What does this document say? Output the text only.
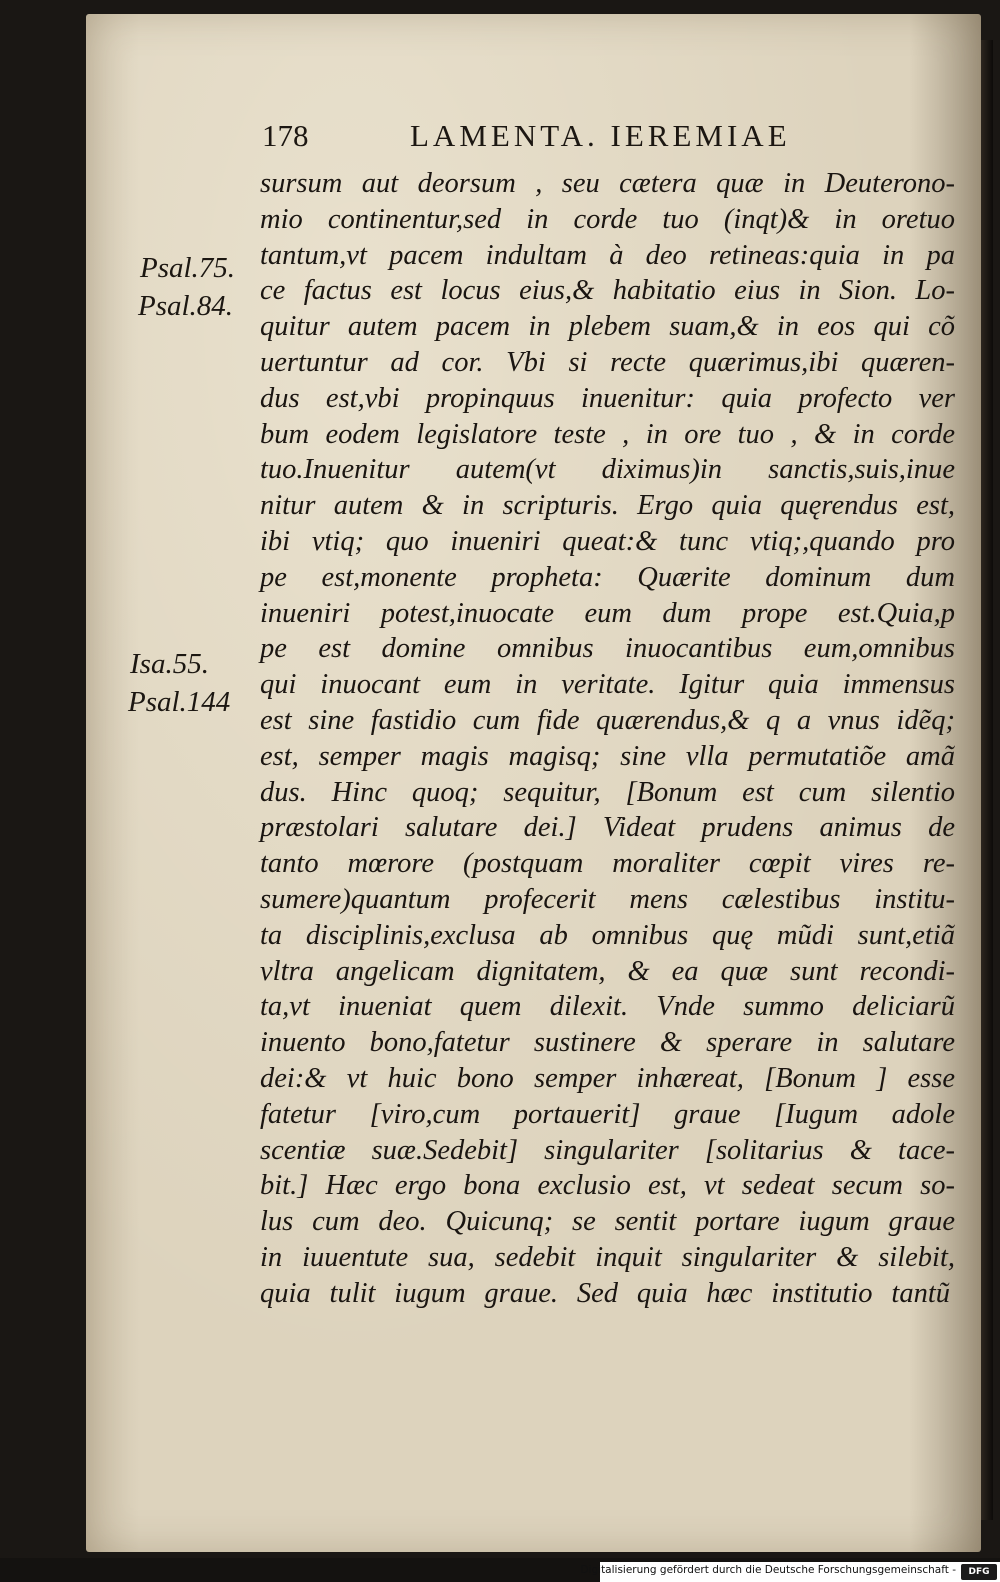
178	LAMENTA. IEREMIAE
Psal.75.
Psal.84.
Isa.55.
Psal.144
sursum aut deorsum , seu cætera quæ in Deuterono-
mio continentur,sed in corde tuo (inqt)& in oretuo
tantum,vt pacem indultam à deo retineas:quia in pa
ce factus est locus eius,& habitatio eius in Sion. Lo-
quitur autem pacem in plebem suam,& in eos qui cõ
uertuntur ad cor. Vbi si recte quærimus,ibi quæren-
dus est,vbi propinquus inuenitur: quia profecto ver
bum eodem legislatore teste , in ore tuo , & in corde
tuo.Inuenitur autem(vt diximus)in sanctis,suis,inue
nitur autem & in scripturis. Ergo quia quęrendus est,
ibi vtiq; quo inueniri queat:& tunc vtiq;,quando pro
pe est,monente propheta: Quærite dominum dum
inueniri potest,inuocate eum dum prope est.Quia,p
pe est domine omnibus inuocantibus eum,omnibus
qui inuocant eum in veritate. Igitur quia immensus
est sine fastidio cum fide quærendus,& q a vnus idẽq;
est, semper magis magisq; sine vlla permutatiõe amã
dus. Hinc quoq; sequitur, [Bonum est cum silentio
præstolari salutare dei.] Videat prudens animus de
tanto mœrore (postquam moraliter cœpit vires re-
sumere)quantum profecerit mens cælestibus institu-
ta disciplinis,exclusa ab omnibus quę mũdi sunt,etiã
vltra angelicam dignitatem, & ea quæ sunt recondi-
ta,vt inueniat quem dilexit. Vnde summo deliciarũ
inuento bono,fatetur sustinere & sperare in salutare
dei:& vt huic bono semper inhæreat, [Bonum ] esse
fatetur [viro,cum portauerit] graue [Iugum adole
scentiæ suæ.Sedebit] singulariter [solitarius & tace-
bit.] Hæc ergo bona exclusio est, vt sedeat secum so-
lus cum deo. Quicunq; se sentit portare iugum graue
in iuuentute sua, sedebit inquit singulariter & silebit,
quia tulit iugum graue. Sed quia hæc institutio tantũ
Digitalisierung gefördert durch die Deutsche Forschungsgemeinschaft -	DFG
